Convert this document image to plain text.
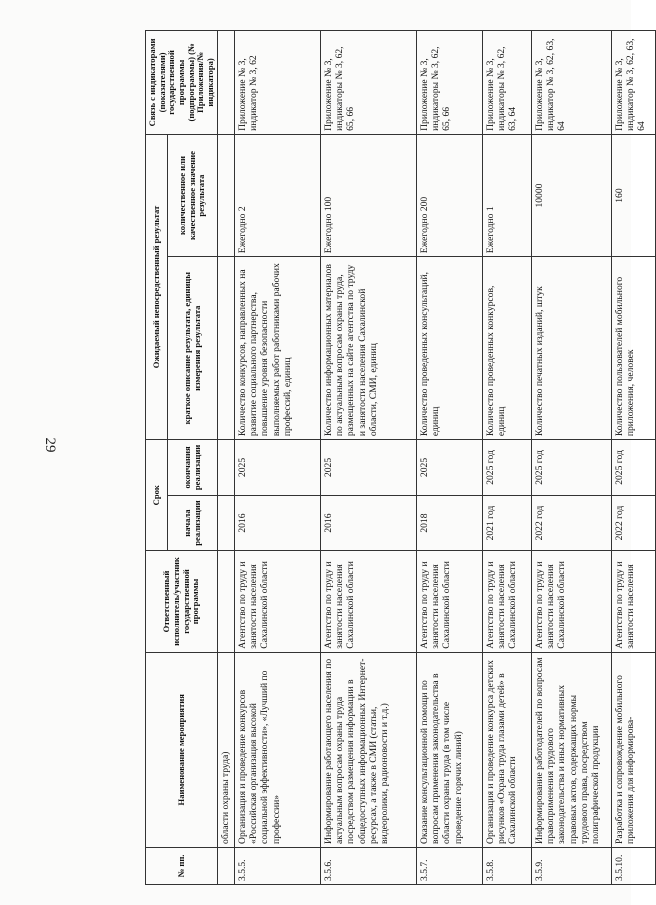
29
№ пп.	Наименование мероприятия	Ответственный исполнитель/участник государственной программы	Срок		Ожидаемый непосредственный результат		Связь с индикаторами (показателями) государственной программы (подпрограммы) (№ Приложения/№ индикатора)
			начала реализации	окончания реализации	краткое описание результата, единицы измерения результата	количественное или качественное значение результата	
	области охраны труда)						
3.5.5.	Организация и проведение конкурсов «Российская организация высокой социальной эффективности», «Лучший по профессии»	Агентство по труду и занятости населения Сахалинской области	2016	2025	Количество конкурсов, направленных на развитие социального партнерства, повышение уровня безопасности выполняемых работ работниками рабочих профессий, единиц	Ежегодно 2	Приложение № 3, индикатор № 3, 62
3.5.6.	Информирование работающего населения по актуальным вопросам охраны труда посредством размещения информации в общедоступных информационных Интернет-ресурсах, а также в СМИ (статьи, видеоролики, радионовости и т.д.)	Агентство по труду и занятости населения Сахалинской области	2016	2025	Количество информационных материалов по актуальным вопросам охраны труда, размещенных на сайте агентства по труду и занятости населения Сахалинской области, СМИ, единиц	Ежегодно 100	Приложение № 3, индикаторы № 3, 62, 65, 66
3.5.7.	Оказание консультационной помощи по вопросам применения законодательства в области охраны труда (в том числе проведение горячих линий)	Агентство по труду и занятости населения Сахалинской области	2018	2025	Количество проведенных консультаций, единиц	Ежегодно 200	Приложение № 3, индикаторы № 3, 62, 65, 66
3.5.8.	Организация и проведение конкурса детских рисунков «Охрана труда глазами детей» в Сахалинской области	Агентство по труду и занятости населения Сахалинской области	2021 год	2025 год	Количество проведенных конкурсов, единиц	Ежегодно 1	Приложение № 3, индикаторы № 3, 62, 63, 64
3.5.9.	Информирование работодателей по вопросам правоприменения трудового законодательства и иных нормативных правовых актов, содержащих нормы трудового права, посредством полиграфической продукции	Агентство по труду и занятости населения Сахалинской области	2022 год	2025 год	Количество печатных изданий, штук	10000	Приложение № 3, индикатор № 3, 62, 63, 64
3.5.10.	Разработка и сопровождение мобильного приложения для информирова-	Агентство по труду и занятости населения	2022 год	2025 год	Количество пользователей мобильного приложения, человек	160	Приложение № 3, индикатор № 3, 62, 63, 64
